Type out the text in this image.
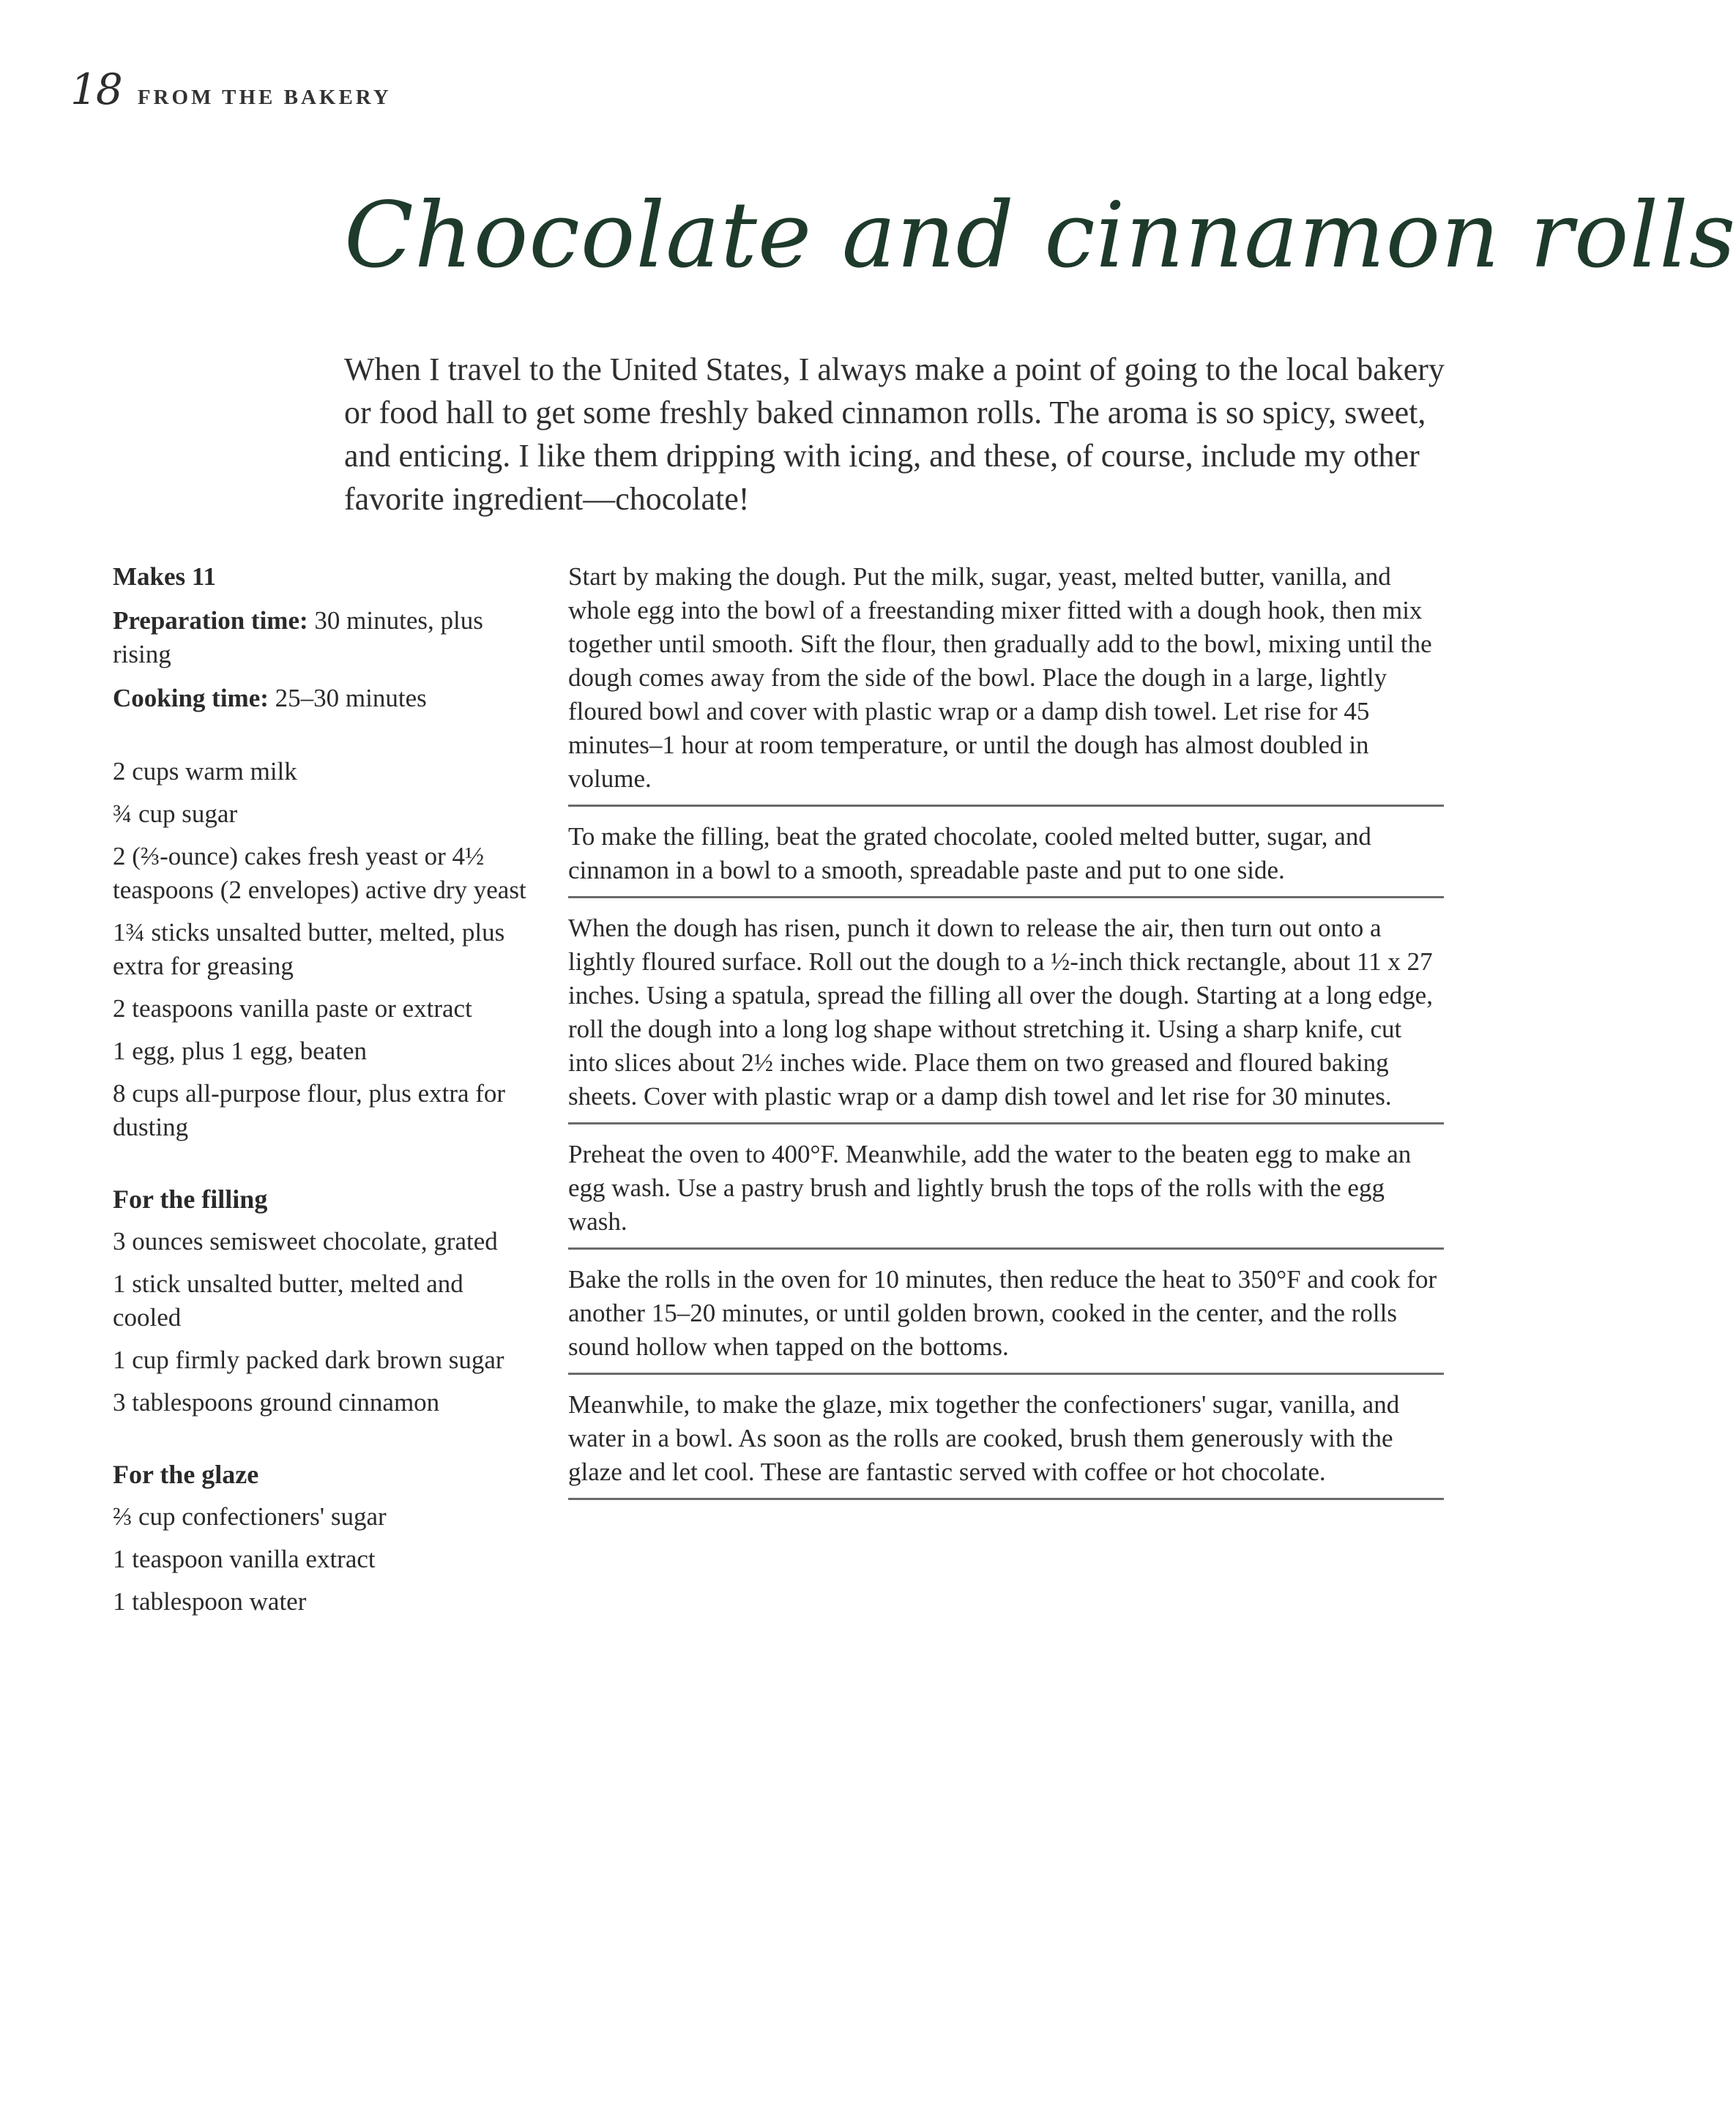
18 FROM THE BAKERY
Chocolate and cinnamon rolls

When I travel to the United States, I always make a point of going to the local bakery or food hall to get some freshly baked cinnamon rolls. The aroma is so spicy, sweet, and enticing. I like them dripping with icing, and these, of course, include my other favorite ingredient—chocolate!

Makes 11

Preparation time: 30 minutes, plus rising

Cooking time: 25–30 minutes

2 cups warm milk
¾ cup sugar
2 (⅔-ounce) cakes fresh yeast or 4½ teaspoons (2 envelopes) active dry yeast
1¾ sticks unsalted butter, melted, plus extra for greasing
2 teaspoons vanilla paste or extract
1 egg, plus 1 egg, beaten
8 cups all-purpose flour, plus extra for dusting

For the filling

3 ounces semisweet chocolate, grated
1 stick unsalted butter, melted and cooled
1 cup firmly packed dark brown sugar
3 tablespoons ground cinnamon

For the glaze

⅔ cup confectioners' sugar
1 teaspoon vanilla extract
1 tablespoon water

Start by making the dough. Put the milk, sugar, yeast, melted butter, vanilla, and whole egg into the bowl of a freestanding mixer fitted with a dough hook, then mix together until smooth. Sift the flour, then gradually add to the bowl, mixing until the dough comes away from the side of the bowl. Place the dough in a large, lightly floured bowl and cover with plastic wrap or a damp dish towel. Let rise for 45 minutes–1 hour at room temperature, or until the dough has almost doubled in volume.

To make the filling, beat the grated chocolate, cooled melted butter, sugar, and cinnamon in a bowl to a smooth, spreadable paste and put to one side.

When the dough has risen, punch it down to release the air, then turn out onto a lightly floured surface. Roll out the dough to a ½-inch thick rectangle, about 11 x 27 inches. Using a spatula, spread the filling all over the dough. Starting at a long edge, roll the dough into a long log shape without stretching it. Using a sharp knife, cut into slices about 2½ inches wide. Place them on two greased and floured baking sheets. Cover with plastic wrap or a damp dish towel and let rise for 30 minutes.

Preheat the oven to 400°F. Meanwhile, add the water to the beaten egg to make an egg wash. Use a pastry brush and lightly brush the tops of the rolls with the egg wash.

Bake the rolls in the oven for 10 minutes, then reduce the heat to 350°F and cook for another 15–20 minutes, or until golden brown, cooked in the center, and the rolls sound hollow when tapped on the bottoms.

Meanwhile, to make the glaze, mix together the confectioners' sugar, vanilla, and water in a bowl. As soon as the rolls are cooked, brush them generously with the glaze and let cool. These are fantastic served with coffee or hot chocolate.
